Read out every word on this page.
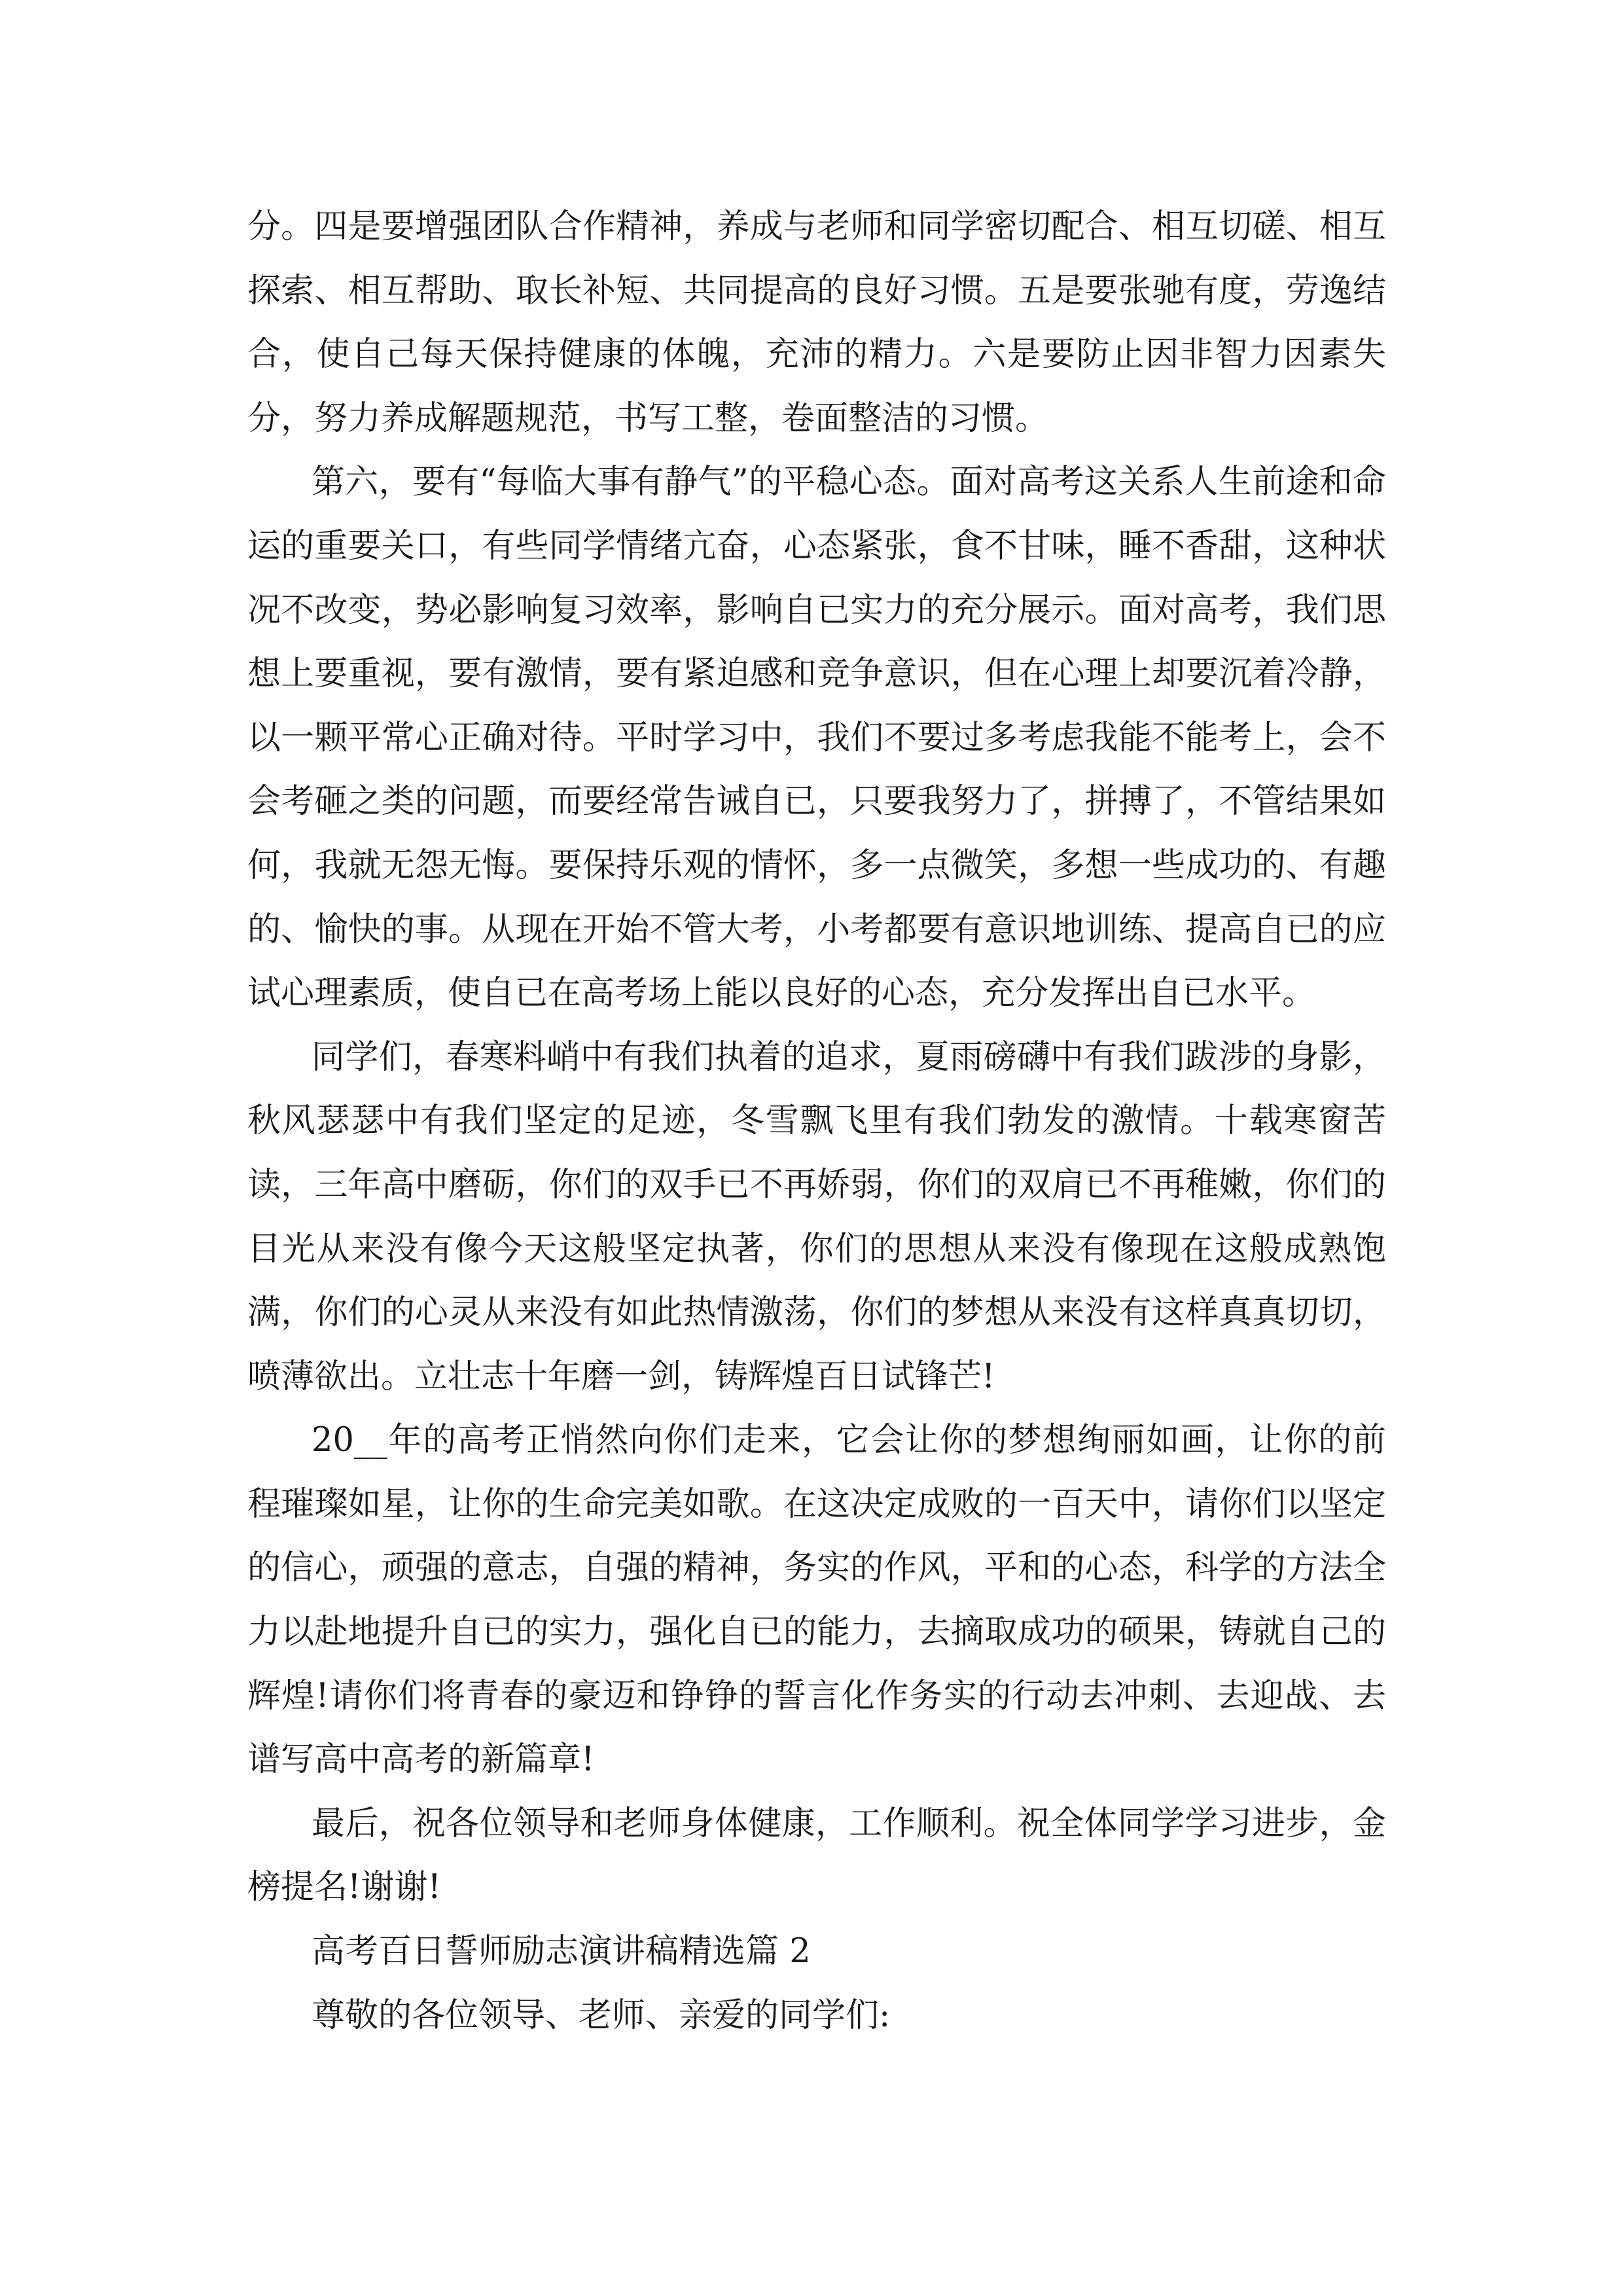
分。四是要增强团队合作精神，养成与老师和同学密切配合、相互切磋、相互探索、相互帮助、取长补短、共同提高的良好习惯。五是要张驰有度，劳逸结合，使自己每天保持健康的体魄，充沛的精力。六是要防止因非智力因素失分，努力养成解题规范，书写工整，卷面整洁的习惯。

第六，要有“每临大事有静气”的平稳心态。面对高考这关系人生前途和命运的重要关口，有些同学情绪亢奋，心态紧张，食不甘味，睡不香甜，这种状况不改变，势必影响复习效率，影响自已实力的充分展示。面对高考，我们思想上要重视，要有激情，要有紧迫感和竞争意识，但在心理上却要沉着冷静，以一颗平常心正确对待。平时学习中，我们不要过多考虑我能不能考上，会不会考砸之类的问题，而要经常告诫自已，只要我努力了，拼搏了，不管结果如何，我就无怨无悔。要保持乐观的情怀，多一点微笑，多想一些成功的、有趣的、愉快的事。从现在开始不管大考，小考都要有意识地训练、提高自已的应试心理素质，使自已在高考场上能以良好的心态，充分发挥出自已水平。

同学们，春寒料峭中有我们执着的追求，夏雨磅礴中有我们跋涉的身影，秋风瑟瑟中有我们坚定的足迹，冬雪飘飞里有我们勃发的激情。十载寒窗苦读，三年高中磨砺，你们的双手已不再娇弱，你们的双肩已不再稚嫩，你们的目光从来没有像今天这般坚定执著，你们的思想从来没有像现在这般成熟饱满，你们的心灵从来没有如此热情激荡，你们的梦想从来没有这样真真切切，喷薄欲出。立壮志十年磨一剑，铸辉煌百日试锋芒!

20__年的高考正悄然向你们走来，它会让你的梦想绚丽如画，让你的前程璀璨如星，让你的生命完美如歌。在这决定成败的一百天中，请你们以坚定的信心，顽强的意志，自强的精神，务实的作风，平和的心态，科学的方法全力以赴地提升自已的实力，强化自已的能力，去摘取成功的硕果，铸就自己的辉煌!请你们将青春的豪迈和铮铮的誓言化作务实的行动去冲刺、去迎战、去谱写高中高考的新篇章!

最后，祝各位领导和老师身体健康，工作顺利。祝全体同学学习进步，金榜提名!谢谢!

高考百日誓师励志演讲稿精选篇 2

尊敬的各位领导、老师、亲爱的同学们:
